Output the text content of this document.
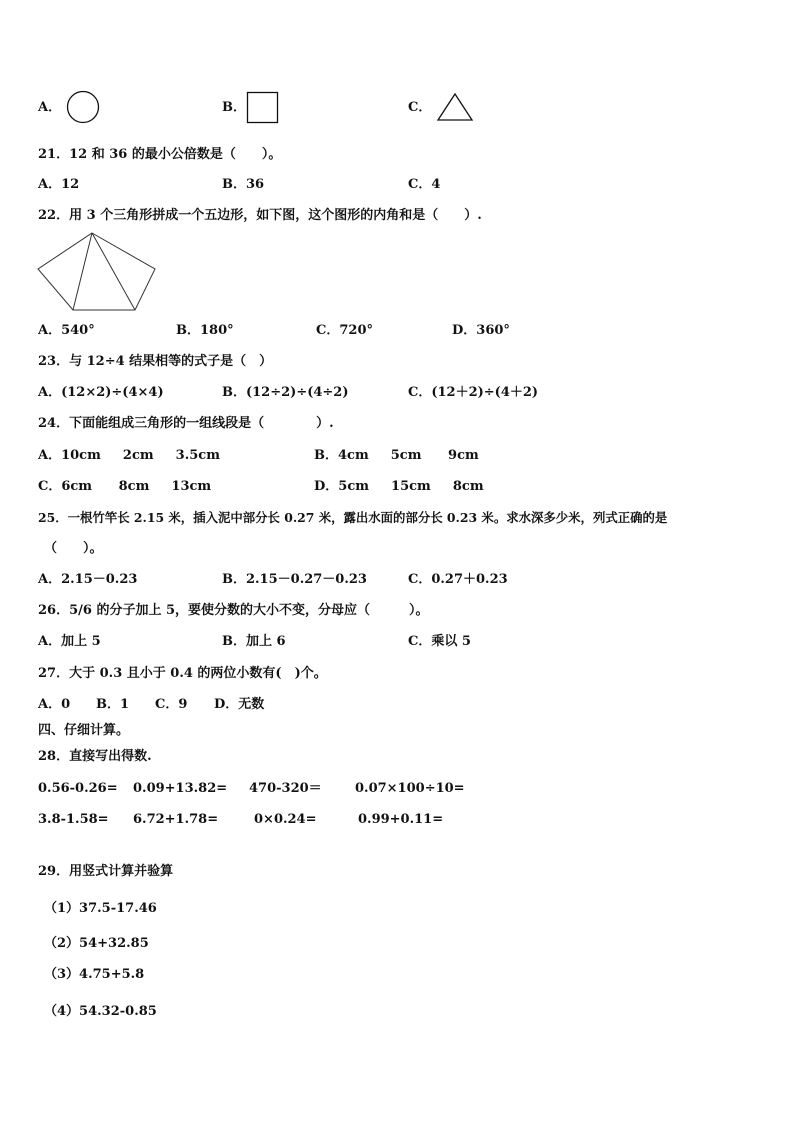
A．	B．	C．
21．12 和 36 的最小公倍数是（　　）。
A．12	B．36	C．4
22．用 3 个三角形拼成一个五边形，如下图，这个图形的内角和是（　　）.
A．540°	B．180°	C．720°	D．360°
23．与 12÷4 结果相等的式子是（　）
A．(12×2)÷(4×4)	B．(12÷2)÷(4÷2)	C．(12＋2)÷(4＋2)
24．下面能组成三角形的一组线段是（　　　　）.
A．10cm　  2cm　  3.5cm	B．4cm　  5cm　   9cm
C．6cm　   8cm　  13cm	D．5cm　  15cm　  8cm
25．一根竹竿长 2.15 米，插入泥中部分长 0.27 米，露出水面的部分长 0.23 米。求水深多少米，列式正确的是
（　　）。
A．2.15－0.23	B．2.15－0.27－0.23	C．0.27＋0.23
26．5/6 的分子加上 5，要使分数的大小不变，分母应（　　　）。
A．加上 5	B．加上 6	C．乘以 5
27．大于 0.3 且小于 0.4 的两位小数有(　)个。
A．0 B．1 C．9 D．无数
四、仔细计算。
28．直接写出得数.
0.56-0.26= 0.09+13.82= 470-320＝	0.07×100÷10=
3.8-1.58= 6.72+1.78=	0×0.24=	0.99+0.11=
29．用竖式计算并验算
（1）37.5-17.46
（2）54+32.85
（3）4.75+5.8
（4）54.32-0.85
